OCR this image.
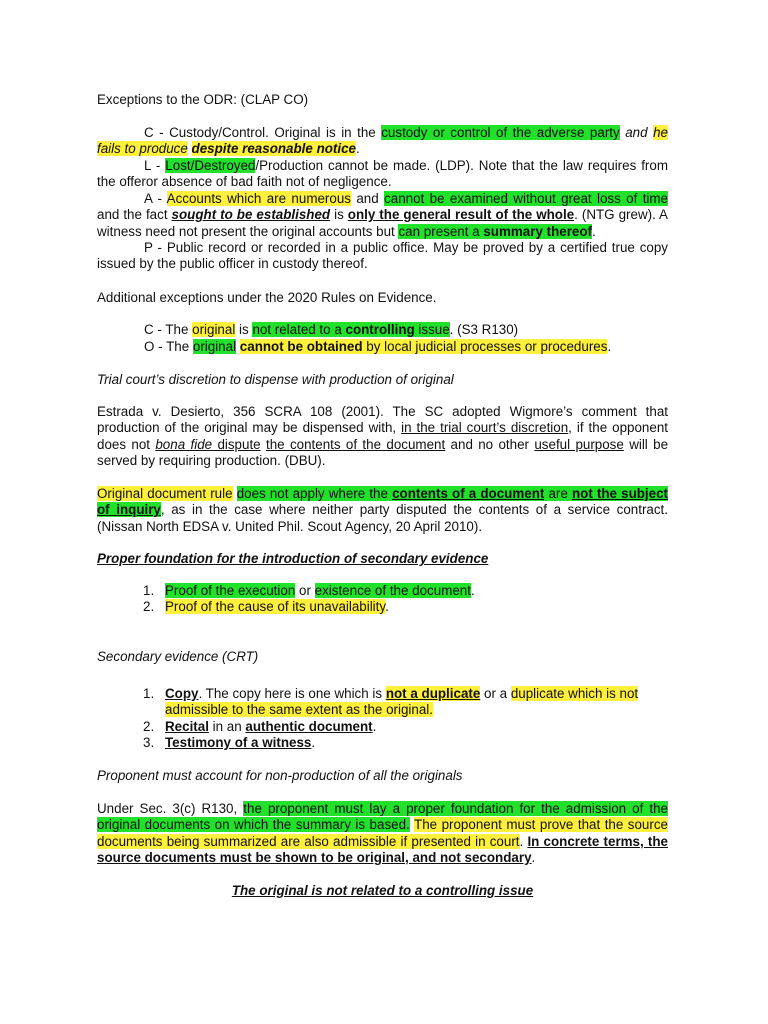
Exceptions to the ODR: (CLAP CO)

C - Custody/Control. Original is in the custody or control of the adverse party and he fails to produce despite reasonable notice.

L - Lost/Destroyed/Production cannot be made. (LDP). Note that the law requires from the offeror absence of bad faith not of negligence.

A - Accounts which are numerous and cannot be examined without great loss of time and the fact sought to be established is only the general result of the whole. (NTG grew). A witness need not present the original accounts but can present a summary thereof.

P - Public record or recorded in a public office. May be proved by a certified true copy issued by the public officer in custody thereof.

Additional exceptions under the 2020 Rules on Evidence.

C - The original is not related to a controlling issue. (S3 R130)

O - The original cannot be obtained by local judicial processes or procedures.

Trial court’s discretion to dispense with production of original

Estrada v. Desierto, 356 SCRA 108 (2001). The SC adopted Wigmore’s comment that production of the original may be dispensed with, in the trial court’s discretion, if the opponent does not bona fide dispute the contents of the document and no other useful purpose will be served by requiring production. (DBU).

Original document rule does not apply where the contents of a document are not the subject of inquiry, as in the case where neither party disputed the contents of a service contract. (Nissan North EDSA v. United Phil. Scout Agency, 20 April 2010).

Proper foundation for the introduction of secondary evidence

1. Proof of the execution or existence of the document.
2. Proof of the cause of its unavailability.

Secondary evidence (CRT)

1. Copy. The copy here is one which is not a duplicate or a duplicate which is not admissible to the same extent as the original.
2. Recital in an authentic document.
3. Testimony of a witness.

Proponent must account for non-production of all the originals

Under Sec. 3(c) R130, the proponent must lay a proper foundation for the admission of the original documents on which the summary is based. The proponent must prove that the source documents being summarized are also admissible if presented in court. In concrete terms, the source documents must be shown to be original, and not secondary.

The original is not related to a controlling issue
